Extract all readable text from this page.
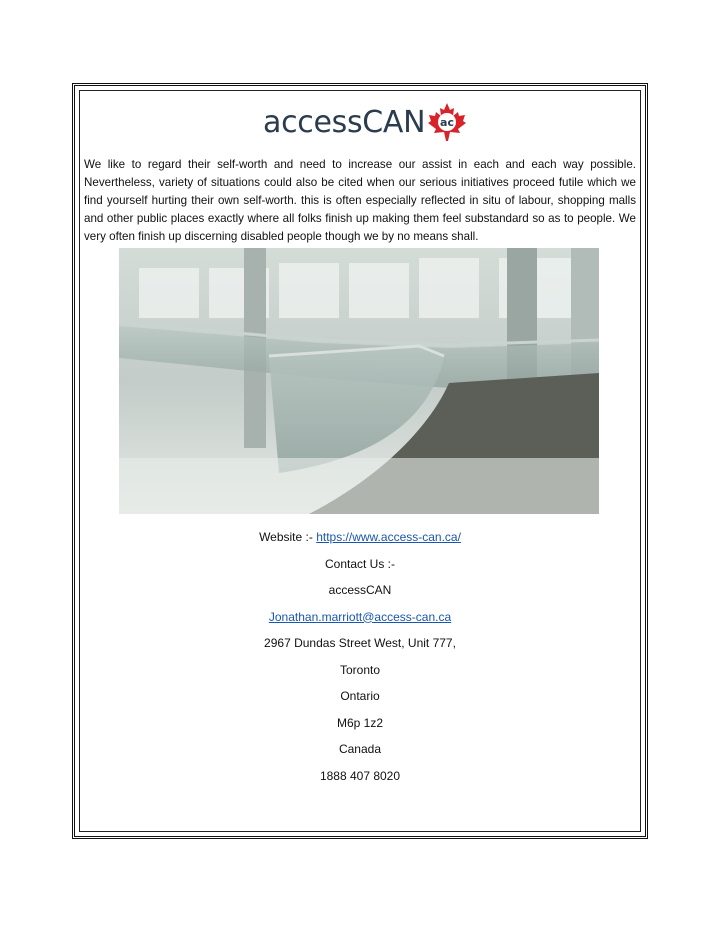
accessCAN ac
We like to regard their self-worth and need to increase our assist in each and each way possible. Nevertheless, variety of situations could also be cited when our serious initiatives proceed futile which we find yourself hurting their own self-worth. this is often especially reflected in situ of labour, shopping malls and other public places exactly where all folks finish up making them feel substandard so as to people. We very often finish up discerning disabled people though we by no means shall.
Website :- https://www.access-can.ca/
Contact Us :-
accessCAN
Jonathan.marriott@access-can.ca
2967 Dundas Street West, Unit 777,
Toronto
Ontario
M6p 1z2
Canada
1888 407 8020
